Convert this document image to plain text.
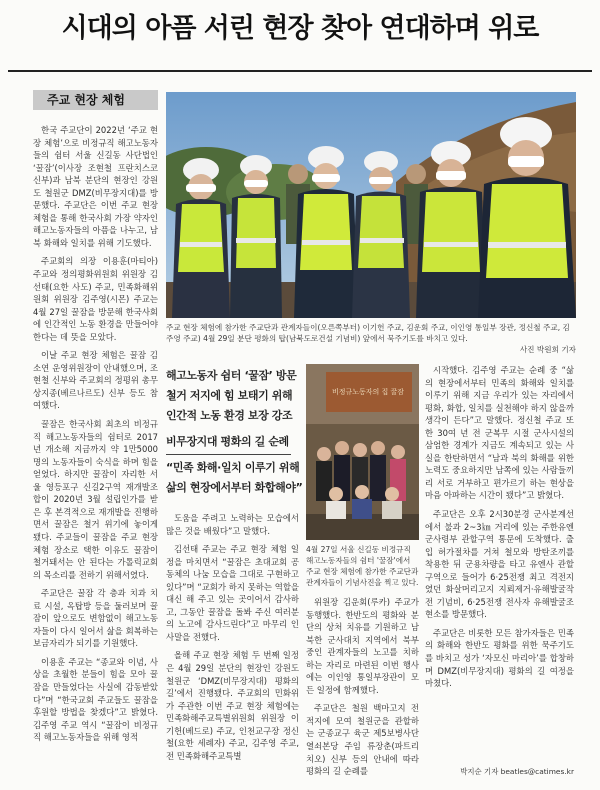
시대의 아픔 서린 현장 찾아 연대하며 위로
주교 현장 체험

한국 주교단이 2022년 ‘주교 현장 체험’으로 비정규직 해고노동자들의 쉼터 서울 신길동 사단법인 ‘꿀잠’(이사장 조현철 프란치스코 신부)과 남북 분단의 현장인 강원도 철원군 DMZ(비무장지대)를 방문했다. 주교단은 이번 주교 현장 체험을 통해 한국사회 가장 약자인 해고노동자들의 아픔을 나누고, 남북 화해와 일치를 위해 기도했다.

주교회의 의장 이용훈(마티아) 주교와 정의평화위원회 위원장 김선태(요한 사도) 주교, 민족화해위원회 위원장 김주영(시몬) 주교는 4월 27일 꿀잠을 방문해 한국사회에 인간적인 노동 환경을 만들어야 한다는 데 뜻을 모았다.

이날 주교 현장 체험은 꿀잠 김소연 운영위원장이 안내했으며, 조현철 신부와 주교회의 정평위 총무 상지종(베르나르도) 신부 등도 참여했다.

꿀잠은 한국사회 최초의 비정규직 해고노동자들의 쉼터로 2017년 개소해 지금까지 약 1만5000명의 노동자들이 숙식을 하며 힘을 얻었다. 하지만 꿀잠이 자리한 서울 영등포구 신길2구역 재개발조합이 2020년 3월 설립인가를 받은 후 본격적으로 재개발을 진행하면서 꿀잠은 철거 위기에 놓이게 됐다. 주교들이 꿀잠을 주교 현장 체험 장소로 택한 이유도 꿀잠이 철거돼서는 안 된다는 가톨릭교회의 목소리를 전하기 위해서였다.

주교단은 꿀잠 각 층과 치과 치료 시설, 옥탑방 등을 둘러보며 꿀잠이 앞으로도 변함없이 해고노동자들이 다시 일어서 삶을 회복하는 보금자리가 되기를 기원했다.

이용훈 주교는 “종교와 이념, 사상을 초월한 분들이 힘을 모아 꿀잠을 만들었다는 사실에 감동받았다”며 “한국교회 주교들도 꿀잠을 후원할 방법을 찾겠다”고 밝혔다. 김주영 주교 역시 “꿀잠이 비정규직 해고노동자들을 위해 영적

주교 현장 체험에 참가한 주교단과 관계자들이(오른쪽부터) 이기헌 주교, 김운회 주교, 이인영 통일부 장관, 정신철 주교, 김주영 주교) 4월 29일 분단 평화의 탑(남북도로건설 기념비) 앞에서 묵주기도를 바치고 있다.
사진 박원희 기자
해고노동자 쉼터 ‘꿀잠’ 방문
철거 저지에 힘 보태기 위해
인간적 노동 환경 보장 강조
비무장지대 평화의 길 순례
“민족 화해·일치 이루기 위해
삶의 현장에서부터 화합해야”

도움을 주려고 노력하는 모습에서 많은 것을 배웠다”고 말했다.

김선태 주교는 주교 현장 체험 일정을 마치면서 “꿀잠은 초대교회 공동체의 나눔 모습을 그대로 구현하고 있다”며 “교회가 하지 못하는 역할을 대신 해 주고 있는 곳이어서 감사하고, 그동안 꿀잠을 돌봐 주신 여러분의 노고에 감사드린다”고 마무리 인사말을 전했다.

올해 주교 현장 체험 두 번째 일정은 4월 29일 분단의 현장인 강원도 철원군 ‘DMZ(비무장지대) 평화의 길’에서 진행됐다. 주교회의 민화위가 주관한 이번 주교 현장 체험에는 민족화해주교특별위원회 위원장 이기헌(베드로) 주교, 인천교구장 정신철(요한 세례자) 주교, 김주영 주교, 전 민족화해주교특별

비정규노동자의 집 꿀잠
4월 27일 서울 신길동 비정규직 해고노동자들의 쉼터 '꿀잠'에서 주교 현장 체험에 참가한 주교단과 관계자들이 기념사진을 찍고 있다.

위원장 김운회(루카) 주교가 동행했다. 한반도의 평화와 분단의 상처 치유를 기원하고 남북한 군사대치 지역에서 북부 중인 관계자들의 노고를 치하하는 자리로 마련된 이번 행사에는 이인영 통일부장관이 모든 일정에 함께했다.

주교단은 철원 백마고지 전적지에 모여 철원군을 관할하는 군종교구 육군 제5보병사단 열쇠본당 주임 류장춘(파트리치오) 신부 등의 안내에 따라 평화의 길 순례를

시작했다. 김주영 주교는 순례 중 “삶의 현장에서부터 민족의 화해와 일치를 이루기 위해 지금 우리가 있는 자리에서 평화, 화합, 일치를 실천해야 하지 않을까 생각이 든다”고 말했다. 정신철 주교 또한 30여 년 전 군복무 시절 군사시설의 삼엄한 경계가 지금도 계속되고 있는 사실을 한탄하면서 “남과 북의 화해를 위한 노력도 중요하지만 남쪽에 있는 사람들끼리 서로 거부하고 편가르기 하는 현상을 마음 아파하는 시간이 됐다”고 밝혔다.

주교단은 오후 2시30분경 군사분계선에서 불과 2~3㎞ 거리에 있는 주한유엔군사령부 관할구역 통문에 도착했다. 출입 허가절차를 거쳐 철모와 방탄조끼를 착용한 뒤 군용차량을 타고 유엔사 관할구역으로 들어가 6·25전쟁 최고 격전지였던 화살머리고지 지뢰제거·유해발굴작전 기념비, 6·25전쟁 전사자 유해발굴조현소를 방문했다.

주교단은 비롯한 모든 참가자들은 민족의 화해와 한반도 평화를 위한 묵주기도를 바치고 성가 ‘자모신 마리아’를 합창하며 DMZ(비무장지대) 평화의 길 여정을 마쳤다.

박지순 기자 beatles@catimes.kr
